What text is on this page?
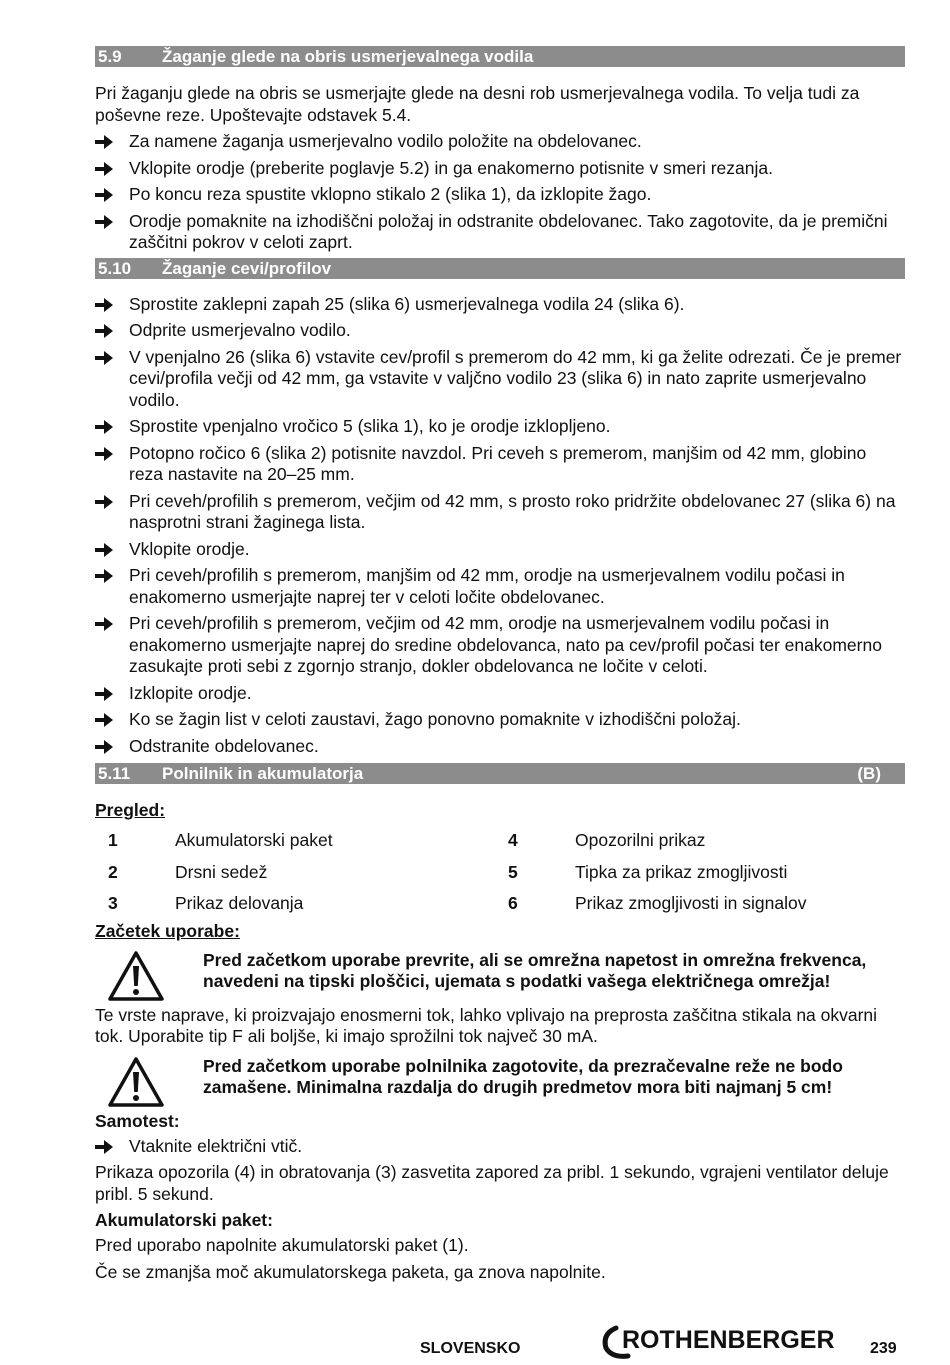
5.9	Žaganje glede na obris usmerjevalnega vodila

Pri žaganju glede na obris se usmerjajte glede na desni rob usmerjevalnega vodila. To velja tudi za poševne reze. Upoštevajte odstavek 5.4.

Za namene žaganja usmerjevalno vodilo položite na obdelovanec.
Vklopite orodje (preberite poglavje 5.2) in ga enakomerno potisnite v smeri rezanja.
Po koncu reza spustite vklopno stikalo 2 (slika 1), da izklopite žago.
Orodje pomaknite na izhodiščni položaj in odstranite obdelovanec. Tako zagotovite, da je premični zaščitni pokrov v celoti zaprt.
5.10	Žaganje cevi/profilov
Sprostite zaklepni zapah 25 (slika 6) usmerjevalnega vodila 24 (slika 6).
Odprite usmerjevalno vodilo.
V vpenjalno 26 (slika 6) vstavite cev/profil s premerom do 42 mm, ki ga želite odrezati. Če je premer cevi/profila večji od 42 mm, ga vstavite v valjčno vodilo 23 (slika 6) in nato zaprite usmerjevalno vodilo.
Sprostite vpenjalno vročico 5 (slika 1), ko je orodje izklopljeno.
Potopno ročico 6 (slika 2) potisnite navzdol. Pri ceveh s premerom, manjšim od 42 mm, globino reza nastavite na 20–25 mm.
Pri ceveh/profilih s premerom, večjim od 42 mm, s prosto roko pridržite obdelovanec 27 (slika 6) na nasprotni strani žaginega lista.
Vklopite orodje.
Pri ceveh/profilih s premerom, manjšim od 42 mm, orodje na usmerjevalnem vodilu počasi in enakomerno usmerjajte naprej ter v celoti ločite obdelovanec.
Pri ceveh/profilih s premerom, večjim od 42 mm, orodje na usmerjevalnem vodilu počasi in enakomerno usmerjajte naprej do sredine obdelovanca, nato pa cev/profil počasi ter enakomerno zasukajte proti sebi z zgornjo stranjo, dokler obdelovanca ne ločite v celoti.
Izklopite orodje.
Ko se žagin list v celoti zaustavi, žago ponovno pomaknite v izhodiščni položaj.
Odstranite obdelovanec.
5.11	Polnilnik in akumulatorja	(B)
Pregled:
1	Akumulatorski paket	4	Opozorilni prikaz
2	Drsni sedež	5	Tipka za prikaz zmogljivosti
3	Prikaz delovanja	6	Prikaz zmogljivosti in signalov
Začetek uporabe:
Pred začetkom uporabe prevrite, ali se omrežna napetost in omrežna frekvenca, navedeni na tipski ploščici, ujemata s podatki vašega električnega omrežja!

Te vrste naprave, ki proizvajajo enosmerni tok, lahko vplivajo na preprosta zaščitna stikala na okvarni tok. Uporabite tip F ali boljše, ki imajo sprožilni tok največ 30 mA.

Pred začetkom uporabe polnilnika zagotovite, da prezračevalne reže ne bodo zamašene. Minimalna razdalja do drugih predmetov mora biti najmanj 5 cm!
Samotest:
Vtaknite električni vtič.

Prikaza opozorila (4) in obratovanja (3) zasvetita zapored za pribl. 1 sekundo, vgrajeni ventilator deluje pribl. 5 sekund.

Akumulatorski paket:

Pred uporabo napolnite akumulatorski paket (1).

Če se zmanjša moč akumulatorskega paketa, ga znova napolnite.

SLOVENSKO	ROTHENBERGER 239
